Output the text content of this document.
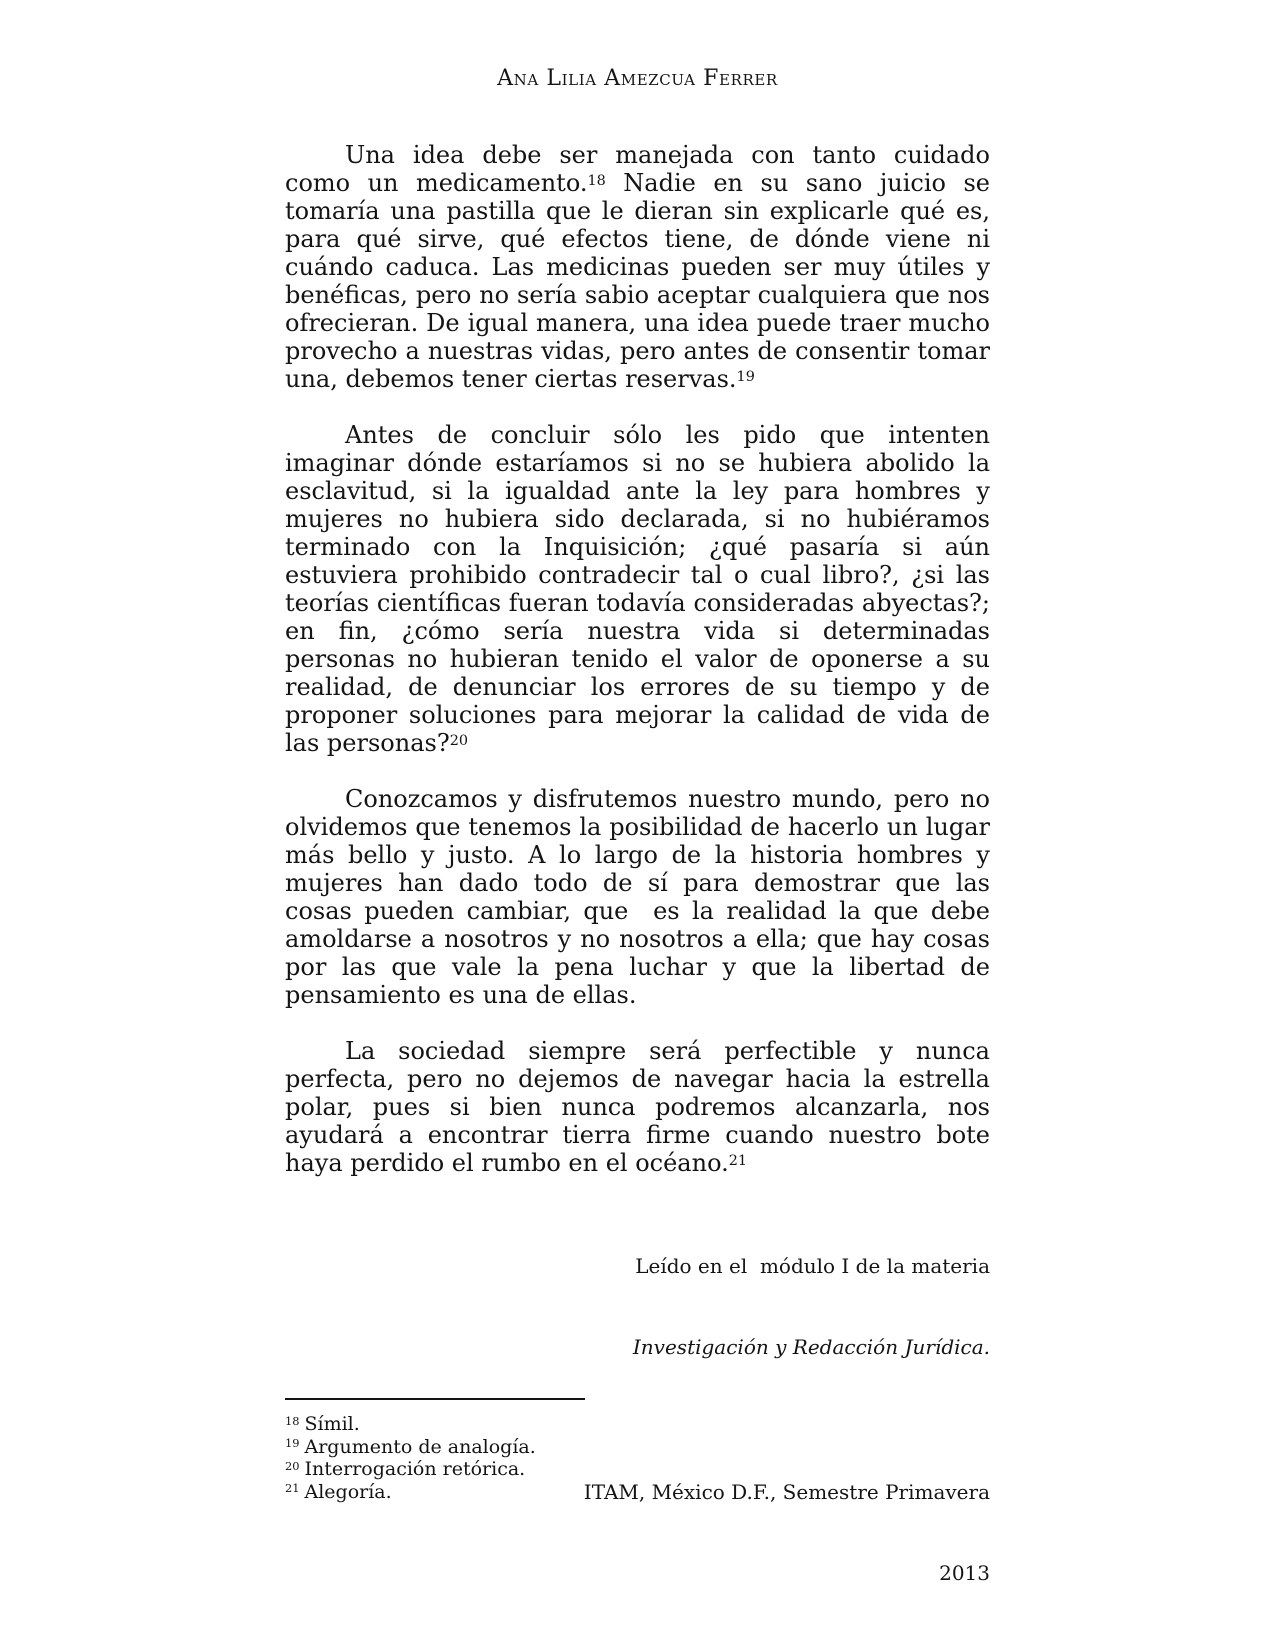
Ana Lilia Amezcua Ferrer

Una idea debe ser manejada con tanto cuidado como un medicamento.$^{18}$ Nadie en su sano juicio se tomaría una pastilla que le dieran sin explicarle qué es, para qué sirve, qué efectos tiene, de dónde viene ni cuándo caduca. Las medicinas pueden ser muy útiles y benéficas, pero no sería sabio aceptar cualquiera que nos ofrecieran. De igual manera, una idea puede traer mucho provecho a nuestras vidas, pero antes de consentir tomar una, debemos tener ciertas reservas.$^{19}$

Antes de concluir sólo les pido que intenten imaginar dónde estaríamos si no se hubiera abolido la esclavitud, si la igualdad ante la ley para hombres y mujeres no hubiera sido declarada, si no hubiéramos terminado con la Inquisición; ¿qué pasaría si aún estuviera prohibido contradecir tal o cual libro?, ¿si las teorías científicas fueran todavía consideradas abyectas?; en fin, ¿cómo sería nuestra vida si determinadas personas no hubieran tenido el valor de oponerse a su realidad, de denunciar los errores de su tiempo y de proponer soluciones para mejorar la calidad de vida de las personas?$^{20}$

Conozcamos y disfrutemos nuestro mundo, pero no olvidemos que tenemos la posibilidad de hacerlo un lugar más bello y justo. A lo largo de la historia hombres y mujeres han dado todo de sí para demostrar que las cosas pueden cambiar, que  es la realidad la que debe amoldarse a nosotros y no nosotros a ella; que hay cosas por las que vale la pena luchar y que la libertad de pensamiento es una de ellas.

La sociedad siempre será perfectible y nunca perfecta, pero no dejemos de navegar hacia la estrella polar, pues si bien nunca podremos alcanzarla, nos ayudará a encontrar tierra firme cuando nuestro bote haya perdido el rumbo en el océano.$^{21}$

Leído en el  módulo I de la materia

Investigación y Redacción Jurídica.

ITAM, México D.F., Semestre Primavera

2013

$^{18}$ Símil.
$^{19}$ Argumento de analogía.
$^{20}$ Interrogación retórica.
$^{21}$ Alegoría.
